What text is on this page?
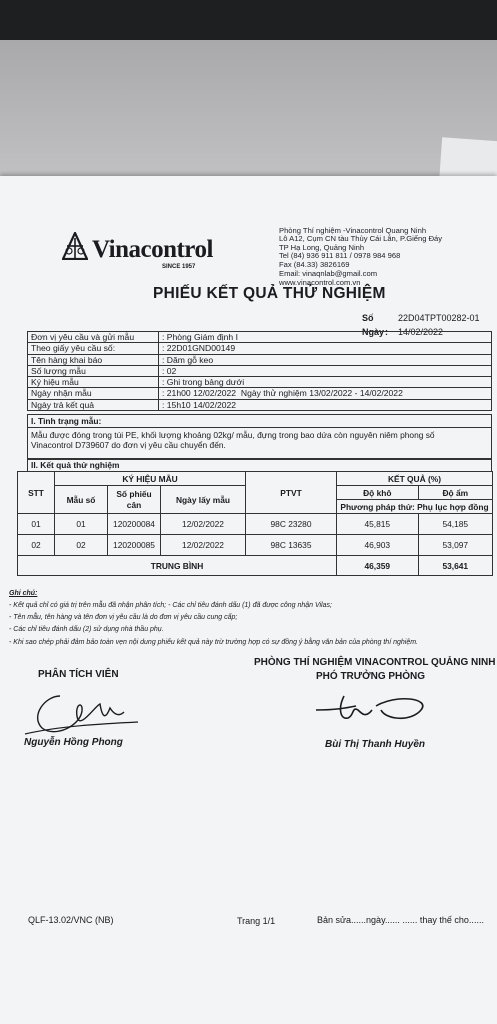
Vinacontrol
SINCE 1957
Phòng Thí nghiệm -Vinacontrol Quang Ninh
Lô A12, Cụm CN tàu Thủy Cái Lân, P.Giếng Đáy
TP Hạ Long, Quảng Ninh
Tel (84) 936 911 811 / 0978 984 968
Fax (84.33) 3826169
Email: vinaqnlab@gmail.com
www.vinacontrol.com.vn
PHIẾU KẾT QUẢ THỬ NGHIỆM
Số	22D04TPT00282-01
Ngày : 14/02/2022
Đơn vị yêu cầu và gửi mẫu	: Phòng Giám định I
Theo giấy yêu cầu số:	: 22D01GND00149
Tên hàng khai báo	: Dăm gỗ keo
Số lượng mẫu	: 02
Ký hiệu mẫu	: Ghi trong bảng dưới
Ngày nhận mẫu	: 21h00 12/02/2022 Ngày thử nghiệm 13/02/2022 - 14/02/2022
Ngày trả kết quả	: 15h10 14/02/2022
I. Tình trạng mẫu:
Mẫu được đóng trong túi PE, khối lượng khoảng 02kg/ mẫu, đựng trong bao dứa còn nguyên niêm phong số
Vinacontrol D739607 do đơn vị yêu cầu chuyển đến.
II. Kết quả thử nghiệm
STT	KÝ HIỆU MẪU			PTVT	KẾT QUẢ (%)	
	Mẫu số	Số phiếu cân	Ngày lấy mẫu		Độ khô	Độ ẩm
					Phương pháp thử: Phụ lục hợp đồng	
01	01	120200084	12/02/2022	98C 23280	45,815	54,185
02	02	120200085	12/02/2022	98C 13635	46,903	53,097
TRUNG BÌNH					46,359	53,641
Ghi chú:
- Kết quả chỉ có giá trị trên mẫu đã nhận phân tích; - Các chỉ tiêu đánh dấu (1) đã được công nhận Vilas;
- Tên mẫu, tên hàng và tên đơn vị yêu cầu là do đơn vị yêu cầu cung cấp;
- Các chỉ tiêu đánh dấu (2) sử dụng nhà thầu phụ.
- Khi sao chép phải đảm bảo toàn vẹn nội dung phiếu kết quả này trừ trường hợp có sự đồng ý bằng văn bản của phòng thí nghiệm.
PHÒNG THÍ NGHIỆM VINACONTROL QUẢNG NINH
PHÂN TÍCH VIÊN	PHÓ TRƯỞNG PHÒNG
Nguyễn Hồng Phong	Bùi Thị Thanh Huyền
QLF-13.02/VNC (NB)	Trang 1/1	Bản sửa......ngày...... ...... thay thế cho......
